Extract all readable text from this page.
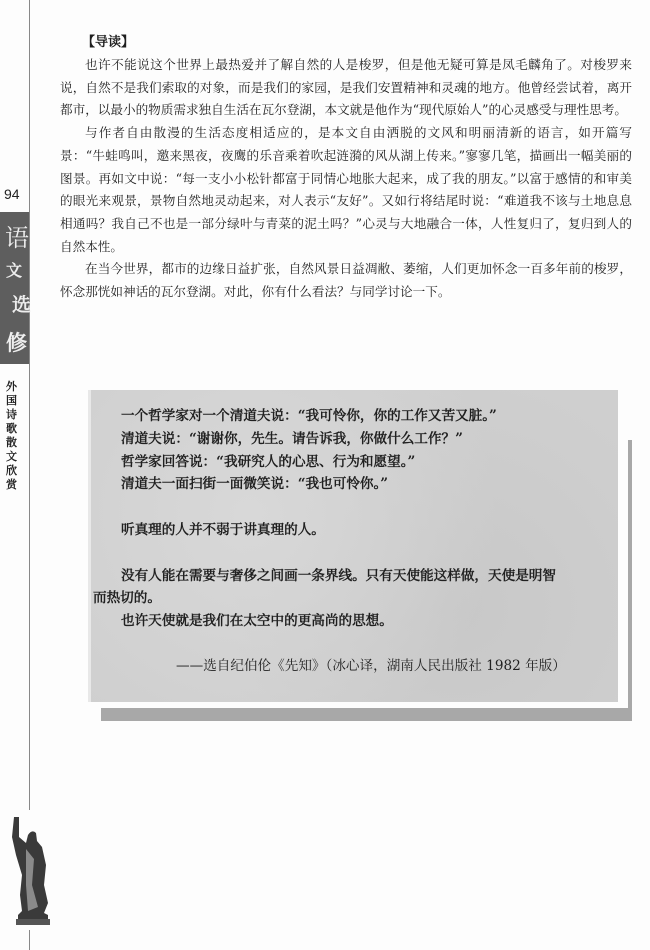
94
语
文
选
修
外国诗歌散文欣赏
【导读】

也许不能说这个世界上最热爱并了解自然的人是梭罗，但是他无疑可算是凤毛麟角了。对梭罗来说，自然不是我们索取的对象，而是我们的家园，是我们安置精神和灵魂的地方。他曾经尝试着，离开都市，以最小的物质需求独自生活在瓦尔登湖，本文就是他作为“现代原始人”的心灵感受与理性思考。

与作者自由散漫的生活态度相适应的，是本文自由洒脱的文风和明丽清新的语言，如开篇写景：“牛蛙鸣叫，邀来黑夜，夜鹰的乐音乘着吹起涟漪的风从湖上传来。”寥寥几笔，描画出一幅美丽的图景。再如文中说：“每一支小小松针都富于同情心地胀大起来，成了我的朋友。”以富于感情的和审美的眼光来观景，景物自然地灵动起来，对人表示“友好”。又如行将结尾时说：“难道我不该与土地息息相通吗？我自己不也是一部分绿叶与青菜的泥土吗？”心灵与大地融合一体，人性复归了，复归到人的自然本性。

在当今世界，都市的边缘日益扩张，自然风景日益凋敝、萎缩，人们更加怀念一百多年前的梭罗，怀念那恍如神话的瓦尔登湖。对此，你有什么看法？与同学讨论一下。

一个哲学家对一个清道夫说：“我可怜你，你的工作又苦又脏。”

清道夫说：“谢谢你，先生。请告诉我，你做什么工作？”

哲学家回答说：“我研究人的心思、行为和愿望。”

清道夫一面扫街一面微笑说：“我也可怜你。”

听真理的人并不弱于讲真理的人。

没有人能在需要与奢侈之间画一条界线。只有天使能这样做，天使是明智

而热切的。

也许天使就是我们在太空中的更高尚的思想。

——选自纪伯伦《先知》（冰心译，湖南人民出版社 1982 年版）
